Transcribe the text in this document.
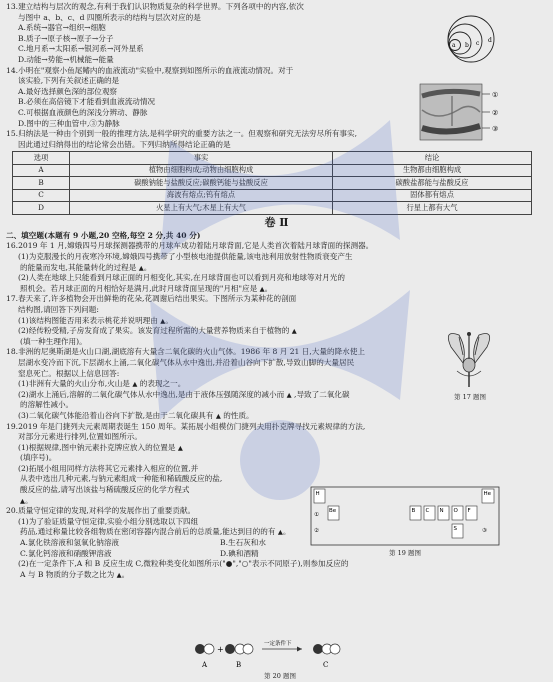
13.建立结构与层次的观念,有利于我们认识物质复杂的科学世界。下列各项中的内容,依次

与图中 a、b、c、d 四圈所表示的结构与层次对应的是

A.系统→器官→组织→细胞

B.质子→原子核→原子→分子

C.地月系→太阳系→银河系→河外星系

D.动能→势能→机械能→能量

a b c d

14.小明在"观察小鱼尾鳍内的血液流动"实验中,观察到如图所示的血液流动情况。对于

该实验,下列有关叙述正确的是

A.最好选择颜色深的部位观察

B.必须在高倍镜下才能看到血液流动情况

C.可根据血液颜色的深浅分辨动、静脉

D.图中的三种血管中,③为静脉

①
②
③

15.归纳法是一种由个别到一般的推理方法,是科学研究的重要方法之一。但观察和研究无法穷尽所有事实,

因此通过归纳得出的结论常会出错。下列归纳所得结论正确的是

选项	事实	结论
A	植物由细胞构成;动物由细胞构成	生物都由细胞构成
B	碳酸钠能与盐酸反应;碳酸钙能与盐酸反应	碳酸盐都能与盐酸反应
C	海波有熔点;钨有熔点	固体都有熔点
D	火星上有大气;木星上有大气	行星上都有大气
卷 Ⅱ

二、填空题(本题有 9 小题,20 空格,每空 2 分,共 40 分)

16.2019 年 1 月,嫦娥四号月球探测器携带的月球车成功着陆月球背面,它是人类首次着陆月球背面的探测器。

(1)为克服漫长的月夜寒冷环境,嫦娥四号携带了小型核电池提供能量,该电池利用放射性物质衰变产生

的能量而发电,其能量转化的过程是 ▲。

(2)人类在地球上只能看到月球正面的月相变化,其实,在月球背面也可以看到月亮和地球等对月光的

照机会。若月球正面的月相恰好是满月,此时月球背面呈现的"月相"应是 ▲。

17.春天来了,许多植物会开出鲜艳的花朵,花凋谢后结出果实。下图所示为某种花的剖面

结构图,请回答下列问题:

(1)该结构图能否用来表示桃花并说明理由 ▲。

(2)经传粉受精,子房发育成了果实。该发育过程所需的大量营养物质来自于植物的 ▲

(填一种生理作用)。

第 17 题图

18.非洲的尼奥斯湖是火山口湖,湖底溶有大量含二氧化碳的火山气体。1986 年 8 月 21 日,大量的降水使上

层湖水变冷而下沉,下层湖水上涌,二氧化碳气体从水中逸出,并沿着山谷向下扩散,导致山脚的大量居民

窒息死亡。根据以上信息回答:

(1)非洲有大量的火山分布,火山是 ▲ 的表现之一。

(2)湖水上涌后,溶解的二氧化碳气体从水中逸出,是由于液体压强随深度的减小而 ▲ ,导致了二氧化碳

的溶解性减小。

(3)二氧化碳气体能沿着山谷向下扩散,是由于二氧化碳具有 ▲ 的性质。

19.2019 年是门捷列夫元素周期表诞生 150 周年。某拓展小组模仿门捷列夫用扑克牌寻找元素规律的方法,

对部分元素进行排列,位置如图所示。

(1)根据规律,图中钠元素扑克牌应放入的位置是 ▲

(填序号)。

(2)拓展小组用同样方法将其它元素排入相应的位置,并

从表中选出几种元素,与钠元素组成一种能和稀硫酸反应的盐,

酸反应的盐,请写出该盐与稀硫酸反应的化学方程式

▲。

H	He
Be	B C N O F
①
②	③
S
第 19 题图

20.质量守恒定律的发现,对科学的发展作出了重要贡献。

(1)为了验证质量守恒定律,实验小组分别选取以下四组

药品,通过称量比较各组物质在密闭容器内混合前后的总质量,能达到目的的有 ▲。

A.氯化铁溶液和氢氧化钠溶液	B.生石灰和水
C.氯化钙溶液和硝酸钾溶液	D.碘和酒精

(2)在一定条件下,A 和 B 反应生成 C,微粒种类变化如图所示("●","○"表示不同原子),则参加反应的

A 与 B 物质的分子数之比为 ▲。

+
一定条件下
A	B	C
第 20 题图
